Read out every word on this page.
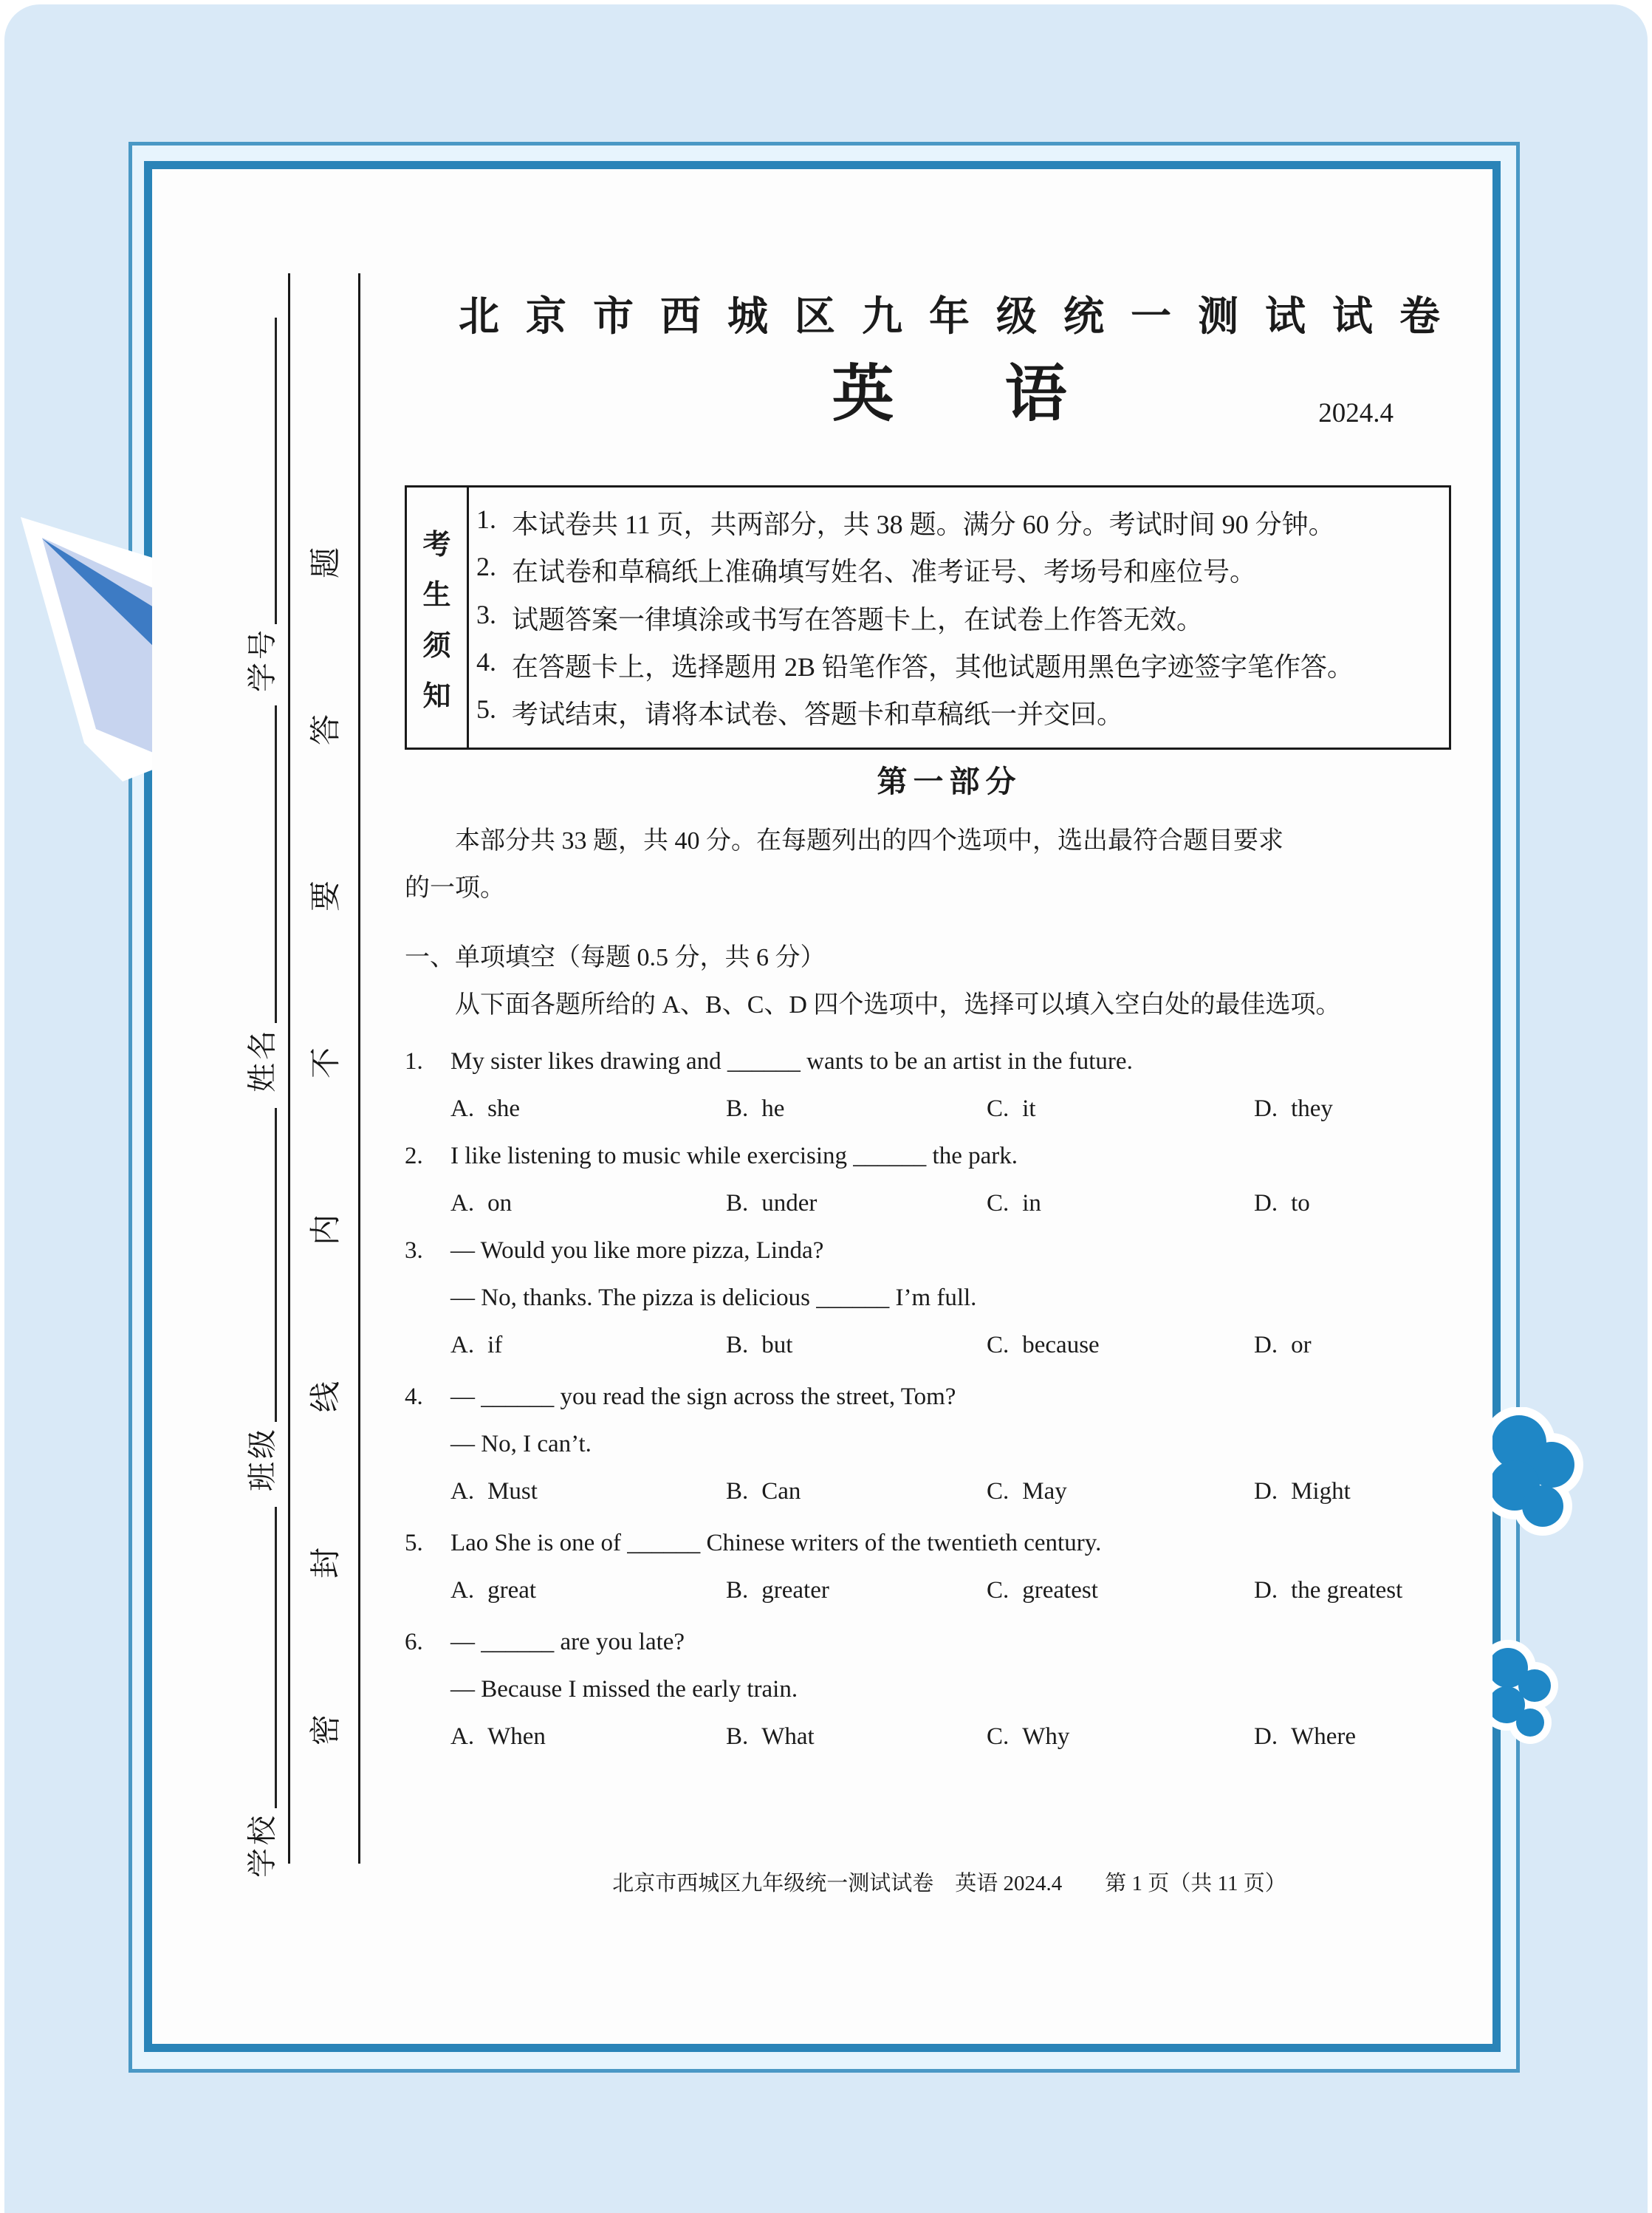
学号
姓名
班级
学校
题
答
要
不
内
线
封
密
北京市西城区九年级统一测试试卷
英语	2024.4
考
生
须
知
1. 本试卷共 11 页，共两部分，共 38 题。满分 60 分。考试时间 90 分钟。
2. 在试卷和草稿纸上准确填写姓名、准考证号、考场号和座位号。
3. 试题答案一律填涂或书写在答题卡上，在试卷上作答无效。
4. 在答题卡上，选择题用 2B 铅笔作答，其他试题用黑色字迹签字笔作答。
5. 考试结束，请将本试卷、答题卡和草稿纸一并交回。
第一部分
本部分共 33 题，共 40 分。在每题列出的四个选项中，选出最符合题目要求
的一项。
一、单项填空（每题 0.5 分，共 6 分）
从下面各题所给的 A、B、C、D 四个选项中，选择可以填入空白处的最佳选项。
1.	My sister likes drawing and ______ wants to be an artist in the future.
A. she	B. he	C. it	D. they
2.	I like listening to music while exercising ______ the park.
A. on	B. under	C. in	D. to
3.	— Would you like more pizza, Linda?
— No, thanks. The pizza is delicious ______ I’m full.
A. if	B. but	C. because	D. or
4.	— ______ you read the sign across the street, Tom?
— No, I can’t.
A. Must	B. Can	C. May	D. Might
5.	Lao She is one of ______ Chinese writers of the twentieth century.
A. great	B. greater	C. greatest	D. the greatest
6.	— ______ are you late?
— Because I missed the early train.
A. When	B. What	C. Why	D. Where
北京市西城区九年级统一测试试卷　英语 2024.4　　第 1 页（共 11 页）
